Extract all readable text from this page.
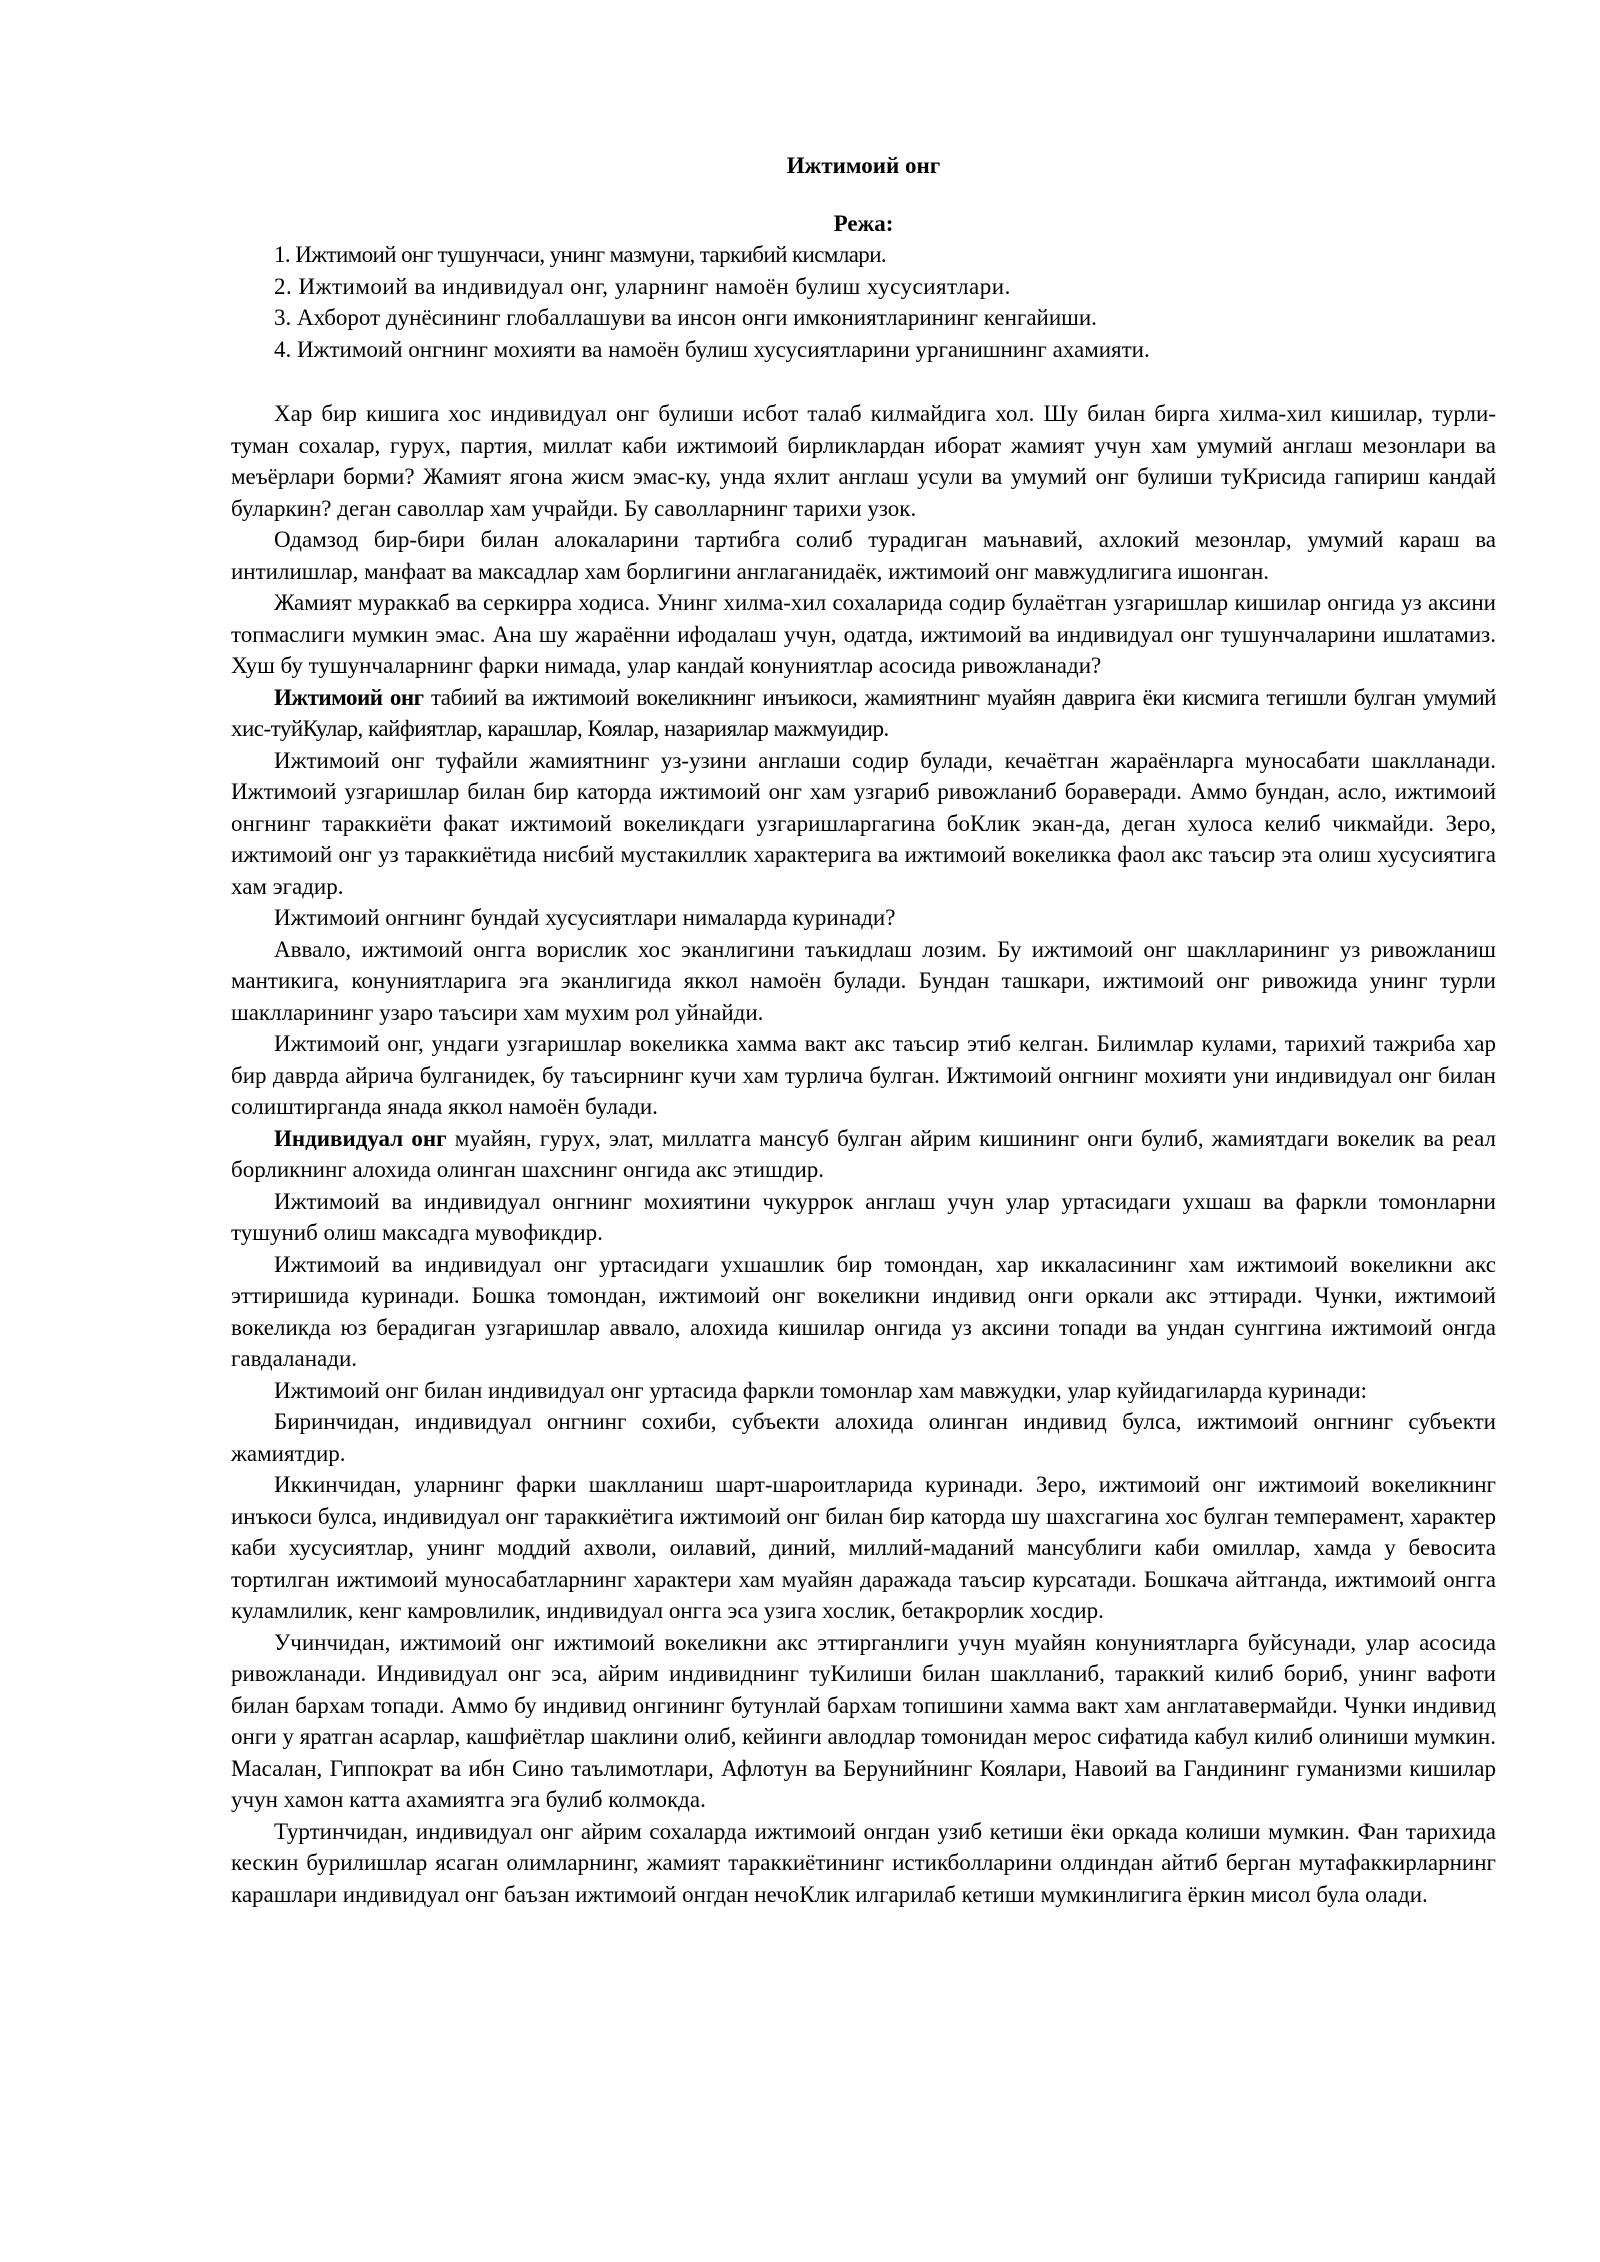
Ижтимоий онг
Режа:
1. Ижтимоий онг тушунчаси, унинг мазмуни, таркибий кисмлари.
2. Ижтимоий ва индивидуал онг, уларнинг намоён булиш хусусиятлари.
3. Ахборот дунёсининг глобаллашуви ва инсон онги имкониятларининг кенгайиши.
4. Ижтимоий онгнинг мохияти ва намоён булиш хусусиятларини урганишнинг ахамияти.

Хар бир кишига хос индивидуал онг булиши исбот талаб килмайдига хол. Шу билан бирга хилма-хил кишилар, турли-туман сохалар, гурух, партия, миллат каби ижтимоий бирликлардан иборат жамият учун хам умумий англаш мезонлари ва меъёрлари борми? Жамият ягона жисм эмас-ку, унда яхлит англаш усули ва умумий онг булиши туКрисида гапириш кандай буларкин? деган саволлар хам учрайди. Бу саволларнинг тарихи узок.

Одамзод бир-бири билан алокаларини тартибга солиб турадиган маънавий, ахлокий мезонлар, умумий караш ва интилишлар, манфаат ва максадлар хам борлигини англаганидаёк, ижтимоий онг мавжудлигига ишонган.

Жамият мураккаб ва серкирра ходиса. Унинг хилма-хил сохаларида содир булаётган узгаришлар кишилар онгида уз аксини топмаслиги мумкин эмас. Ана шу жараённи ифодалаш учун, одатда, ижтимоий ва индивидуал онг тушунчаларини ишлатамиз. Хуш бу тушунчаларнинг фарки нимада, улар кандай конуниятлар асосида ривожланади?

Ижтимоий онг табиий ва ижтимоий вокеликнинг инъикоси, жамиятнинг муайян даврига ёки кисмига тегишли булган умумий хис-туйКулар, кайфиятлар, карашлар, Коялар, назариялар мажмуидир.

Ижтимоий онг туфайли жамиятнинг уз-узини англаши содир булади, кечаётган жараёнларга муносабати шаклланади. Ижтимоий узгаришлар билан бир каторда ижтимоий онг хам узгариб ривожланиб бораверади. Аммо бундан, асло, ижтимоий онгнинг тараккиёти факат ижтимоий вокеликдаги узгаришларгагина боКлик экан-да, деган хулоса келиб чикмайди. Зеро, ижтимоий онг уз тараккиётида нисбий мустакиллик характерига ва ижтимоий вокеликка фаол акс таъсир эта олиш хусусиятига хам эгадир.

Ижтимоий онгнинг бундай хусусиятлари нималарда куринади?

Аввало, ижтимоий онгга ворислик хос эканлигини таъкидлаш лозим. Бу ижтимоий онг шаклларининг уз ривожланиш мантикига, конуниятларига эга эканлигида яккол намоён булади. Бундан ташкари, ижтимоий онг ривожида унинг турли шаклларининг узаро таъсири хам мухим рол уйнайди.

Ижтимоий онг, ундаги узгаришлар вокеликка хамма вакт акс таъсир этиб келган. Билимлар кулами, тарихий тажриба хар бир даврда айрича булганидек, бу таъсирнинг кучи хам турлича булган. Ижтимоий онгнинг мохияти уни индивидуал онг билан солиштирганда янада яккол намоён булади.

Индивидуал онг муайян, гурух, элат, миллатга мансуб булган айрим кишининг онги булиб, жамиятдаги вокелик ва реал борликнинг алохида олинган шахснинг онгида акс этишдир.

Ижтимоий ва индивидуал онгнинг мохиятини чукуррок англаш учун улар уртасидаги ухшаш ва фаркли томонларни тушуниб олиш максадга мувофикдир.

Ижтимоий ва индивидуал онг уртасидаги ухшашлик бир томондан, хар иккаласининг хам ижтимоий вокеликни акс эттиришида куринади. Бошка томондан, ижтимоий онг вокеликни индивид онги оркали акс эттиради. Чунки, ижтимоий вокеликда юз берадиган узгаришлар аввало, алохида кишилар онгида уз аксини топади ва ундан сунггина ижтимоий онгда гавдаланади.

Ижтимоий онг билан индивидуал онг уртасида фаркли томонлар хам мавжудки, улар куйидагиларда куринади:

Биринчидан, индивидуал онгнинг сохиби, субъекти алохида олинган индивид булса, ижтимоий онгнинг субъекти жамиятдир.

Иккинчидан, уларнинг фарки шаклланиш шарт-шароитларида куринади. Зеро, ижтимоий онг ижтимоий вокеликнинг инъкоси булса, индивидуал онг тараккиётига ижтимоий онг билан бир каторда шу шахсгагина хос булган темперамент, характер каби хусусиятлар, унинг моддий ахволи, оилавий, диний, миллий-маданий мансублиги каби омиллар, хамда у бевосита тортилган ижтимоий муносабатларнинг характери хам муайян даражада таъсир курсатади. Бошкача айтганда, ижтимоий онгга куламлилик, кенг камровлилик, индивидуал онгга эса узига хослик, бетакрорлик хосдир.

Учинчидан, ижтимоий онг ижтимоий вокеликни акс эттирганлиги учун муайян конуниятларга буйсунади, улар асосида ривожланади. Индивидуал онг эса, айрим индивиднинг туКилиши билан шаклланиб, тараккий килиб бориб, унинг вафоти билан бархам топади. Аммо бу индивид онгининг бутунлай бархам топишини хамма вакт хам англатавермайди. Чунки индивид онги у яратган асарлар, кашфиётлар шаклини олиб, кейинги авлодлар томонидан мерос сифатида кабул килиб олиниши мумкин. Масалан, Гиппократ ва ибн Сино таълимотлари, Афлотун ва Берунийнинг Коялари, Навоий ва Гандининг гуманизми кишилар учун хамон катта ахамиятга эга булиб колмокда.

Туртинчидан, индивидуал онг айрим сохаларда ижтимоий онгдан узиб кетиши ёки оркада колиши мумкин. Фан тарихида кескин бурилишлар ясаган олимларнинг, жамият тараккиётининг истикболларини олдиндан айтиб берган мутафаккирларнинг карашлари индивидуал онг баъзан ижтимоий онгдан нечоКлик илгарилаб кетиши мумкинлигига ёркин мисол була олади.
